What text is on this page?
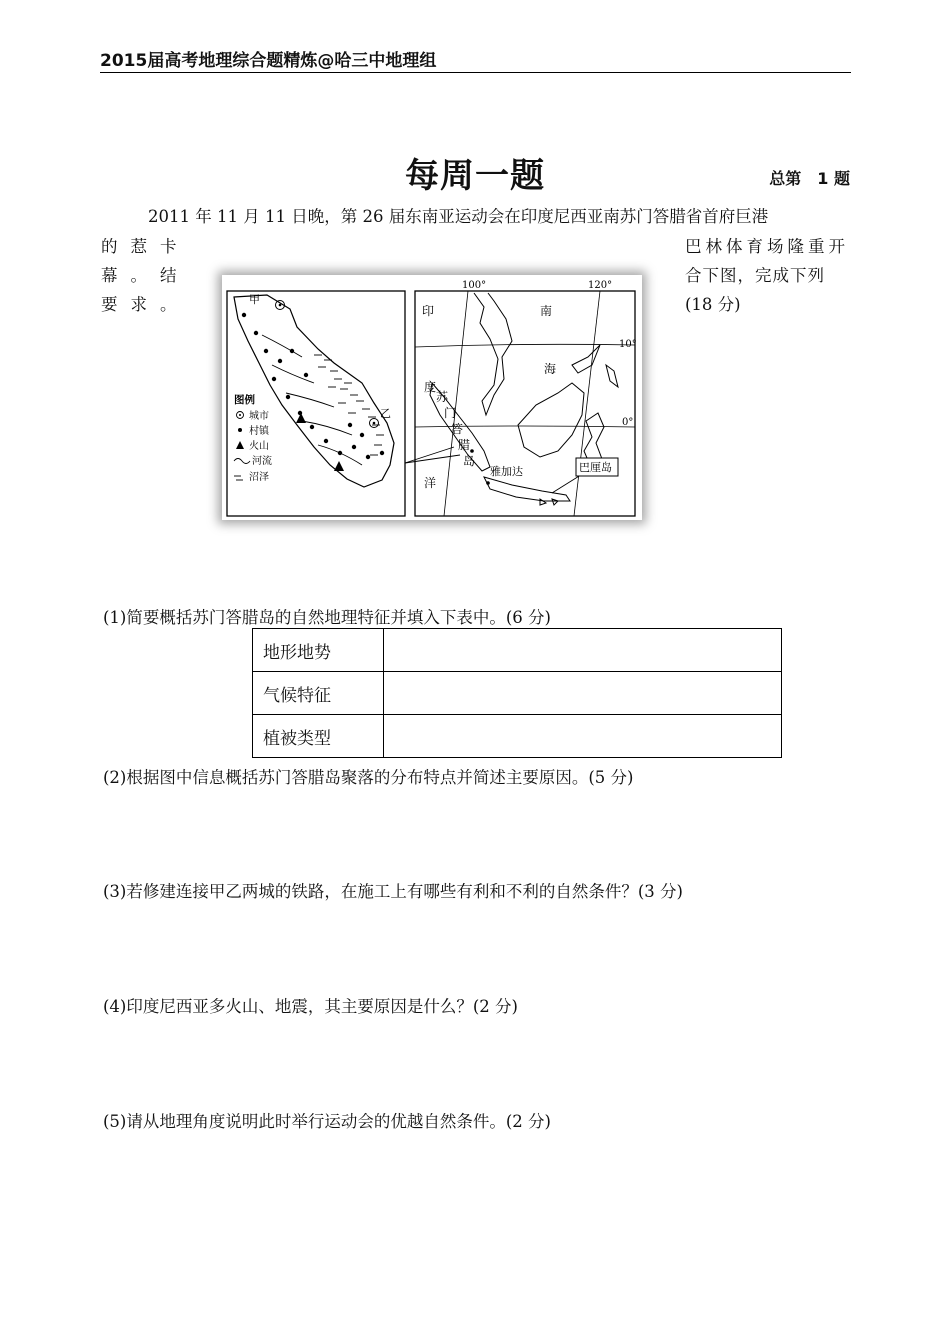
2015届高考地理综合题精炼@哈三中地理组
每周一题	总第　1 题
2011 年 11 月 11 日晚，第 26 届东南亚运动会在印度尼西亚南苏门答腊省首府巨港
的惹卡	巴林体育场隆重开
幕。结	合下图，完成下列
要求。	(18 分)
甲
乙
图例
城市
村镇
火山
河流
沼泽
100°	120°
10°
0°
印
度
洋
南
海
苏
门
答
腊
岛
雅加达	巴厘岛
(1)简要概括苏门答腊岛的自然地理特征并填入下表中。(6 分)
地形地势	
气候特征	
植被类型	
(2)根据图中信息概括苏门答腊岛聚落的分布特点并简述主要原因。(5 分)
(3)若修建连接甲乙两城的铁路，在施工上有哪些有利和不利的自然条件？(3 分)
(4)印度尼西亚多火山、地震，其主要原因是什么？(2 分)
(5)请从地理角度说明此时举行运动会的优越自然条件。(2 分)
